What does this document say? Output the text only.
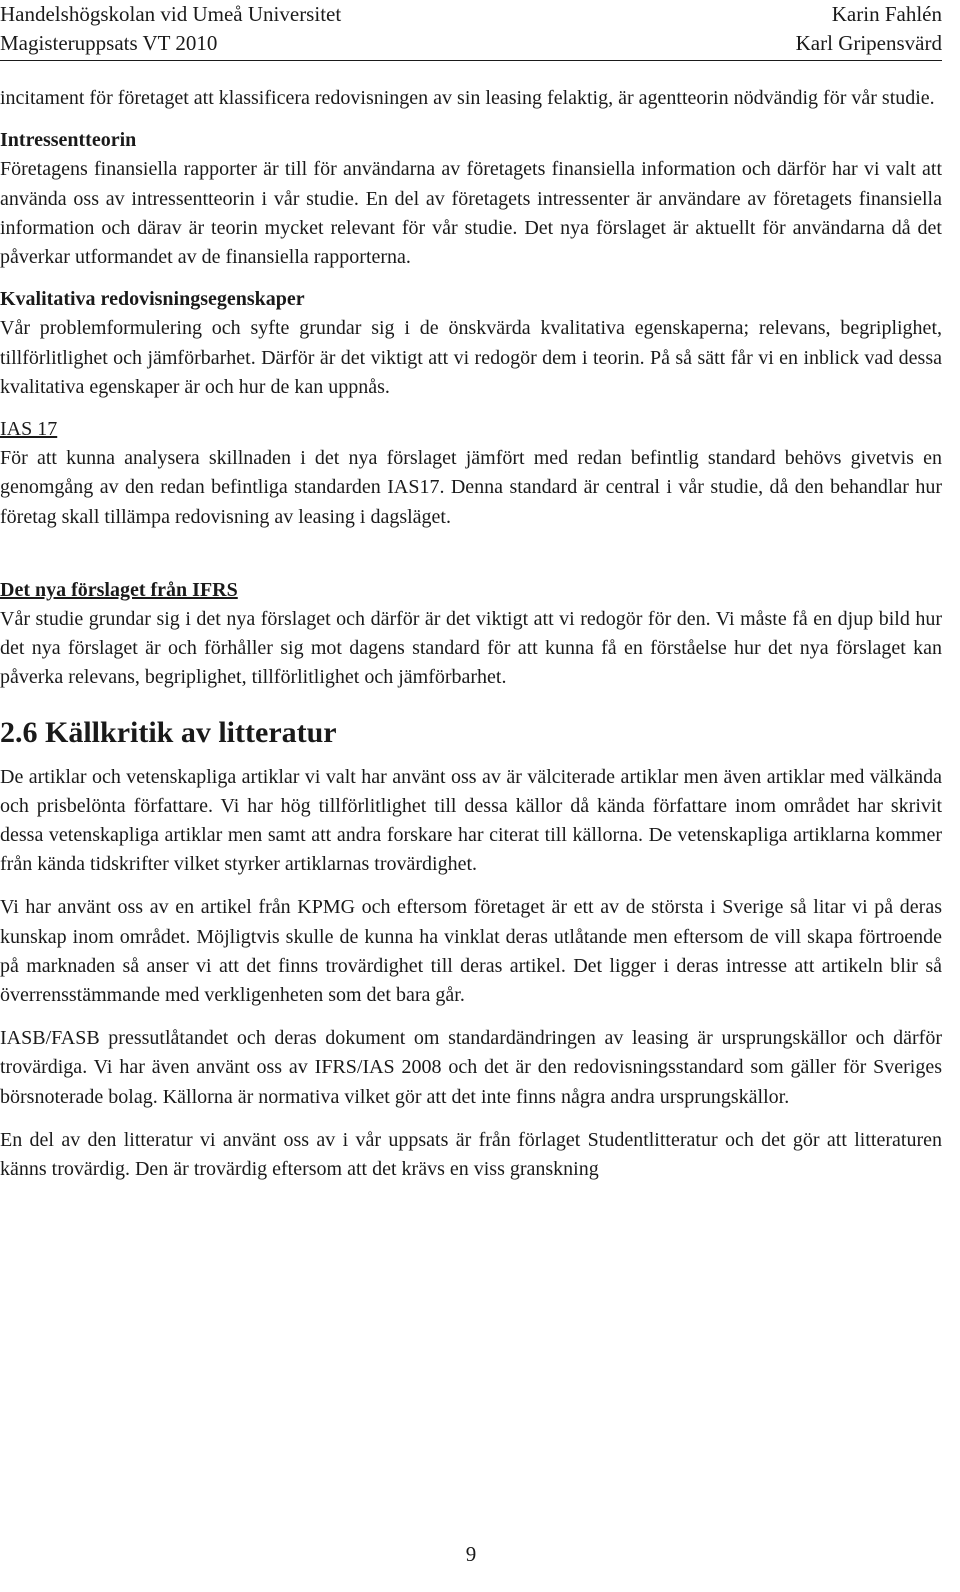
Handelshögskolan vid Umeå Universitet
Magisteruppsats VT 2010
Karin Fahlén
Karl Gripensvärd

incitament för företaget att klassificera redovisningen av sin leasing felaktig, är agentteorin nödvändig för vår studie.

Intressentteorin

Företagens finansiella rapporter är till för användarna av företagets finansiella information och därför har vi valt att använda oss av intressentteorin i vår studie. En del av företagets intressenter är användare av företagets finansiella information och därav är teorin mycket relevant för vår studie. Det nya förslaget är aktuellt för användarna då det påverkar utformandet av de finansiella rapporterna.

Kvalitativa redovisningsegenskaper

Vår problemformulering och syfte grundar sig i de önskvärda kvalitativa egenskaperna; relevans, begriplighet, tillförlitlighet och jämförbarhet. Därför är det viktigt att vi redogör dem i teorin. På så sätt får vi en inblick vad dessa kvalitativa egenskaper är och hur de kan uppnås.

IAS 17

För att kunna analysera skillnaden i det nya förslaget jämfört med redan befintlig standard behövs givetvis en genomgång av den redan befintliga standarden IAS17. Denna standard är central i vår studie, då den behandlar hur företag skall tillämpa redovisning av leasing i dagsläget.

Det nya förslaget från IFRS

Vår studie grundar sig i det nya förslaget och därför är det viktigt att vi redogör för den. Vi måste få en djup bild hur det nya förslaget är och förhåller sig mot dagens standard för att kunna få en förståelse hur det nya förslaget kan påverka relevans, begriplighet, tillförlitlighet och jämförbarhet.

2.6 Källkritik av litteratur

De artiklar och vetenskapliga artiklar vi valt har använt oss av är välciterade artiklar men även artiklar med välkända och prisbelönta författare. Vi har hög tillförlitlighet till dessa källor då kända författare inom området har skrivit dessa vetenskapliga artiklar men samt att andra forskare har citerat till källorna. De vetenskapliga artiklarna kommer från kända tidskrifter vilket styrker artiklarnas trovärdighet.

Vi har använt oss av en artikel från KPMG och eftersom företaget är ett av de största i Sverige så litar vi på deras kunskap inom området. Möjligtvis skulle de kunna ha vinklat deras utlåtande men eftersom de vill skapa förtroende på marknaden så anser vi att det finns trovärdighet till deras artikel. Det ligger i deras intresse att artikeln blir så överrensstämmande med verkligenheten som det bara går.

IASB/FASB pressutlåtandet och deras dokument om standardändringen av leasing är ursprungskällor och därför trovärdiga. Vi har även använt oss av IFRS/IAS 2008 och det är den redovisningsstandard som gäller för Sveriges börsnoterade bolag. Källorna är normativa vilket gör att det inte finns några andra ursprungskällor.

En del av den litteratur vi använt oss av i vår uppsats är från förlaget Studentlitteratur och det gör att litteraturen känns trovärdig. Den är trovärdig eftersom att det krävs en viss granskning

9
